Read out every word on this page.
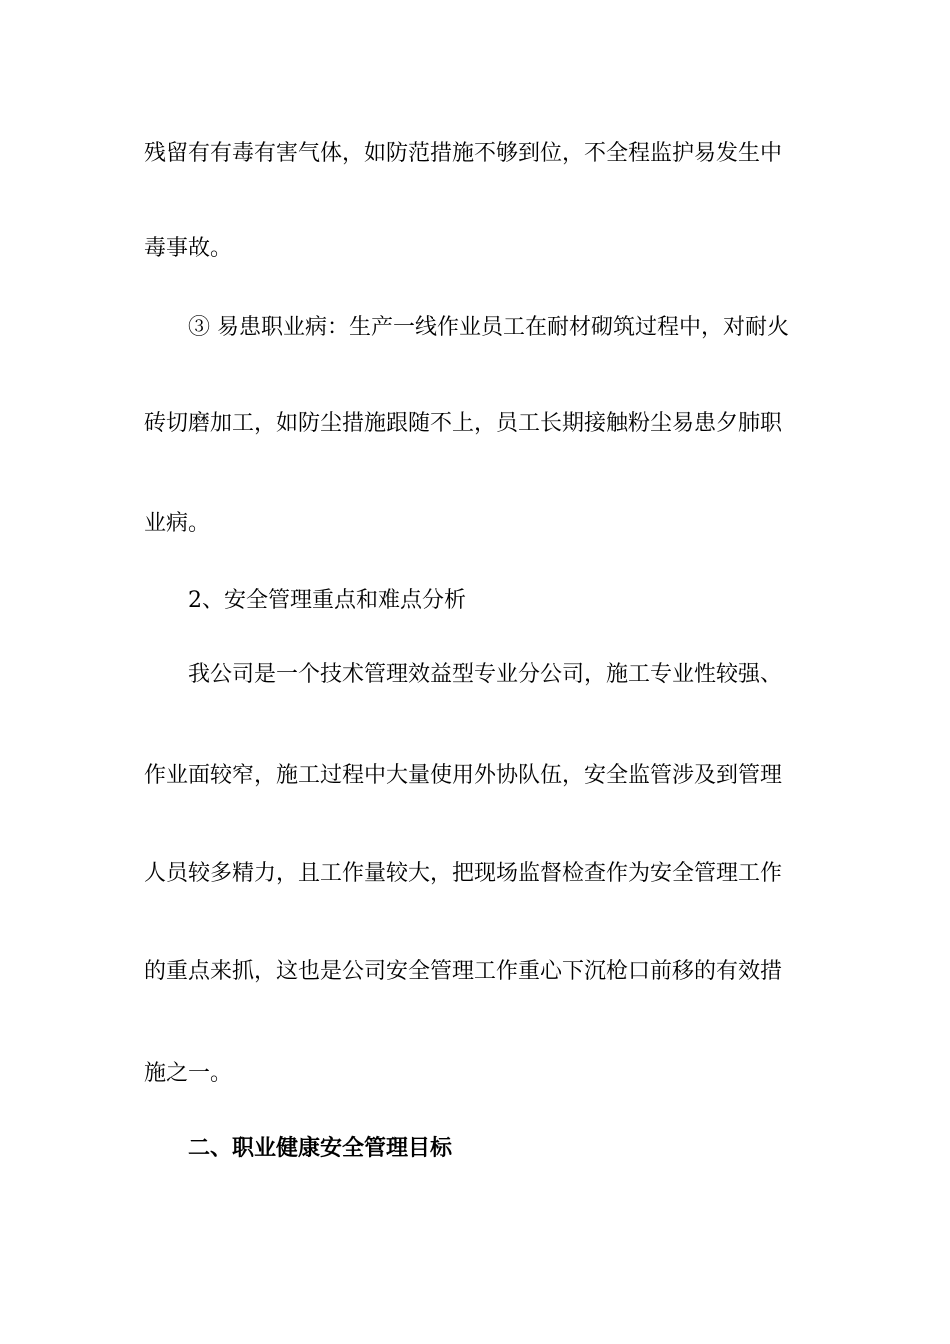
残留有有毒有害气体，如防范措施不够到位，不全程监护易发生中
毒事故。
③ 易患职业病：生产一线作业员工在耐材砌筑过程中，对耐火
砖切磨加工，如防尘措施跟随不上，员工长期接触粉尘易患夕肺职
业病。
2、安全管理重点和难点分析
我公司是一个技术管理效益型专业分公司，施工专业性较强、
作业面较窄，施工过程中大量使用外协队伍，安全监管涉及到管理
人员较多精力，且工作量较大，把现场监督检查作为安全管理工作
的重点来抓，这也是公司安全管理工作重心下沉枪口前移的有效措
施之一。
二、职业健康安全管理目标
